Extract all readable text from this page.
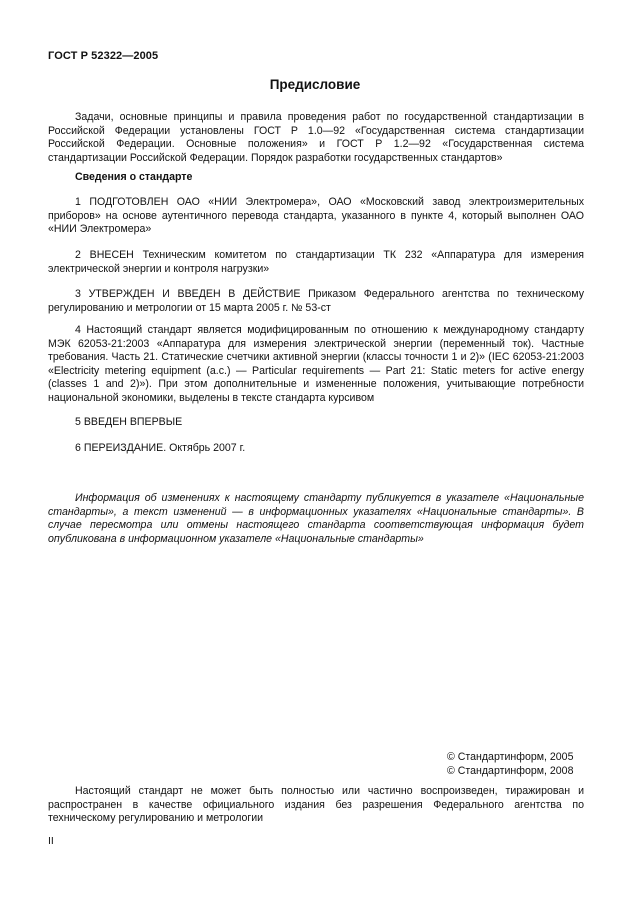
ГОСТ Р 52322—2005
Предисловие

Задачи, основные принципы и правила проведения работ по государственной стандартизации в Российской Федерации установлены ГОСТ Р 1.0—92 «Государственная система стандартизации Российской Федерации. Основные положения» и ГОСТ Р 1.2—92 «Государственная система стандартизации Российской Федерации. Порядок разработки государственных стандартов»

Сведения о стандарте

1 ПОДГОТОВЛЕН ОАО «НИИ Электромера», ОАО «Московский завод электроизмерительных приборов» на основе аутентичного перевода стандарта, указанного в пункте 4, который выполнен ОАО «НИИ Электромера»

2 ВНЕСЕН Техническим комитетом по стандартизации ТК 232 «Аппаратура для измерения электрической энергии и контроля нагрузки»

3 УТВЕРЖДЕН И ВВЕДЕН В ДЕЙСТВИЕ Приказом Федерального агентства по техническому регулированию и метрологии от 15 марта 2005 г. № 53-ст

4 Настоящий стандарт является модифицированным по отношению к международному стандарту МЭК 62053-21:2003 «Аппаратура для измерения электрической энергии (переменный ток). Частные требования. Часть 21. Статические счетчики активной энергии (классы точности 1 и 2)» (IEC 62053-21:2003 «Electricity metering equipment (a.c.) — Particular requirements — Part 21: Static meters for active energy (classes 1 and 2)»). При этом дополнительные и измененные положения, учитывающие потребности национальной экономики, выделены в тексте стандарта курсивом

5 ВВЕДЕН ВПЕРВЫЕ

6 ПЕРЕИЗДАНИЕ. Октябрь 2007 г.

Информация об изменениях к настоящему стандарту публикуется в указателе «Национальные стандарты», а текст изменений — в информационных указателях «Национальные стандарты». В случае пересмотра или отмены настоящего стандарта соответствующая информация будет опубликована в информационном указателе «Национальные стандарты»

© Стандартинформ, 2005
© Стандартинформ, 2008

Настоящий стандарт не может быть полностью или частично воспроизведен, тиражирован и распространен в качестве официального издания без разрешения Федерального агентства по техническому регулированию и метрологии

II
